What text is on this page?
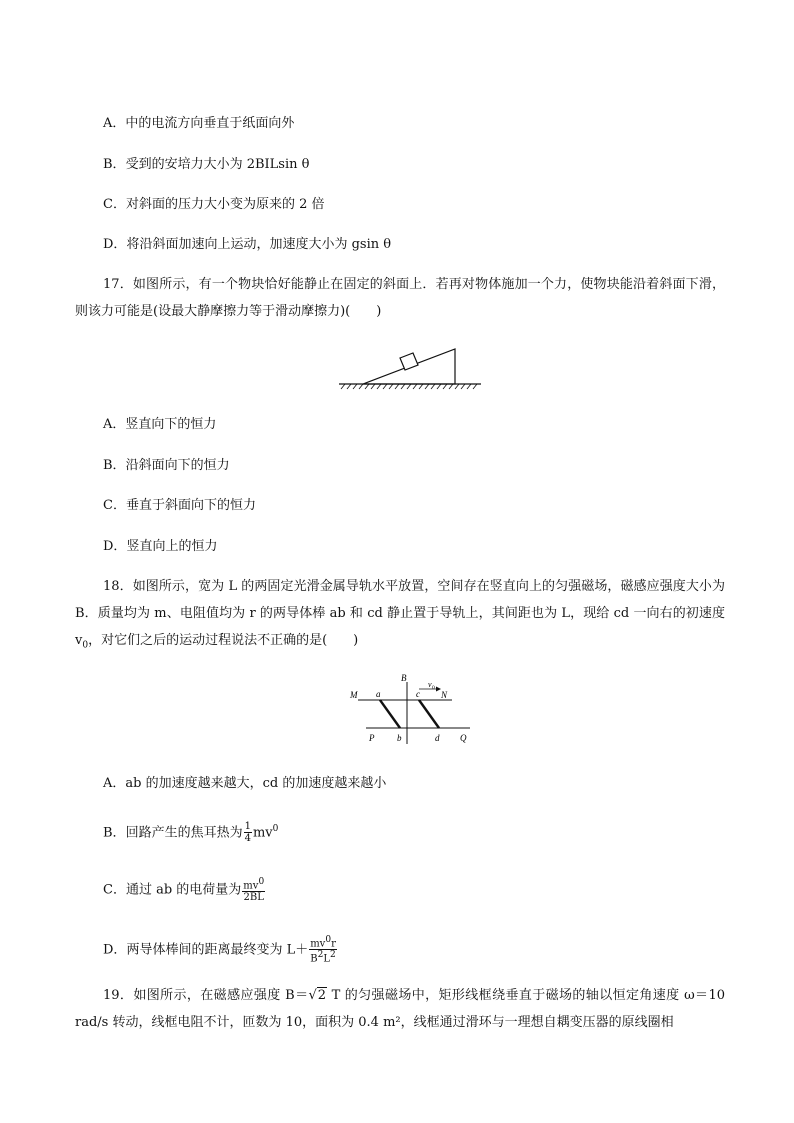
A．中的电流方向垂直于纸面向外
B．受到的安培力大小为 2BILsin θ
C．对斜面的压力大小变为原来的 2 倍
D．将沿斜面加速向上运动，加速度大小为 gsin θ
17．如图所示，有一个物块恰好能静止在固定的斜面上．若再对物体施加一个力，使物块能沿着斜面下滑，则该力可能是(设最大静摩擦力等于滑动摩擦力)(　　)
A．竖直向下的恒力
B．沿斜面向下的恒力
C．垂直于斜面向下的恒力
D．竖直向上的恒力
18．如图所示，宽为 L 的两固定光滑金属导轨水平放置，空间存在竖直向上的匀强磁场，磁感应强度大小为 B．质量均为 m、电阻值均为 r 的两导体棒 ab 和 cd 静止置于导轨上，其间距也为 L，现给 cd 一向右的初速度 $v_0$，对它们之后的运动过程说法不正确的是(　　)
B
v 0
M a	c N
P	b	d Q
A．ab 的加速度越来越大，cd 的加速度越来越小
B．回路产生的焦耳热为 $\frac{1}{4} mv^0$
C．通过 ab 的电荷量为 $\frac{mv^0}{2BL}$
D．两导体棒间的距离最终变为 $L+ \frac{mv^0r}{B^2L^2}$
19．如图所示，在磁感应强度 B＝√2 T 的匀强磁场中，矩形线框绕垂直于磁场的轴以恒定角速度 ω＝10 rad/s 转动，线框电阻不计，匝数为 10，面积为 0.4 m²，线框通过滑环与一理想自耦变压器的原线圈相
